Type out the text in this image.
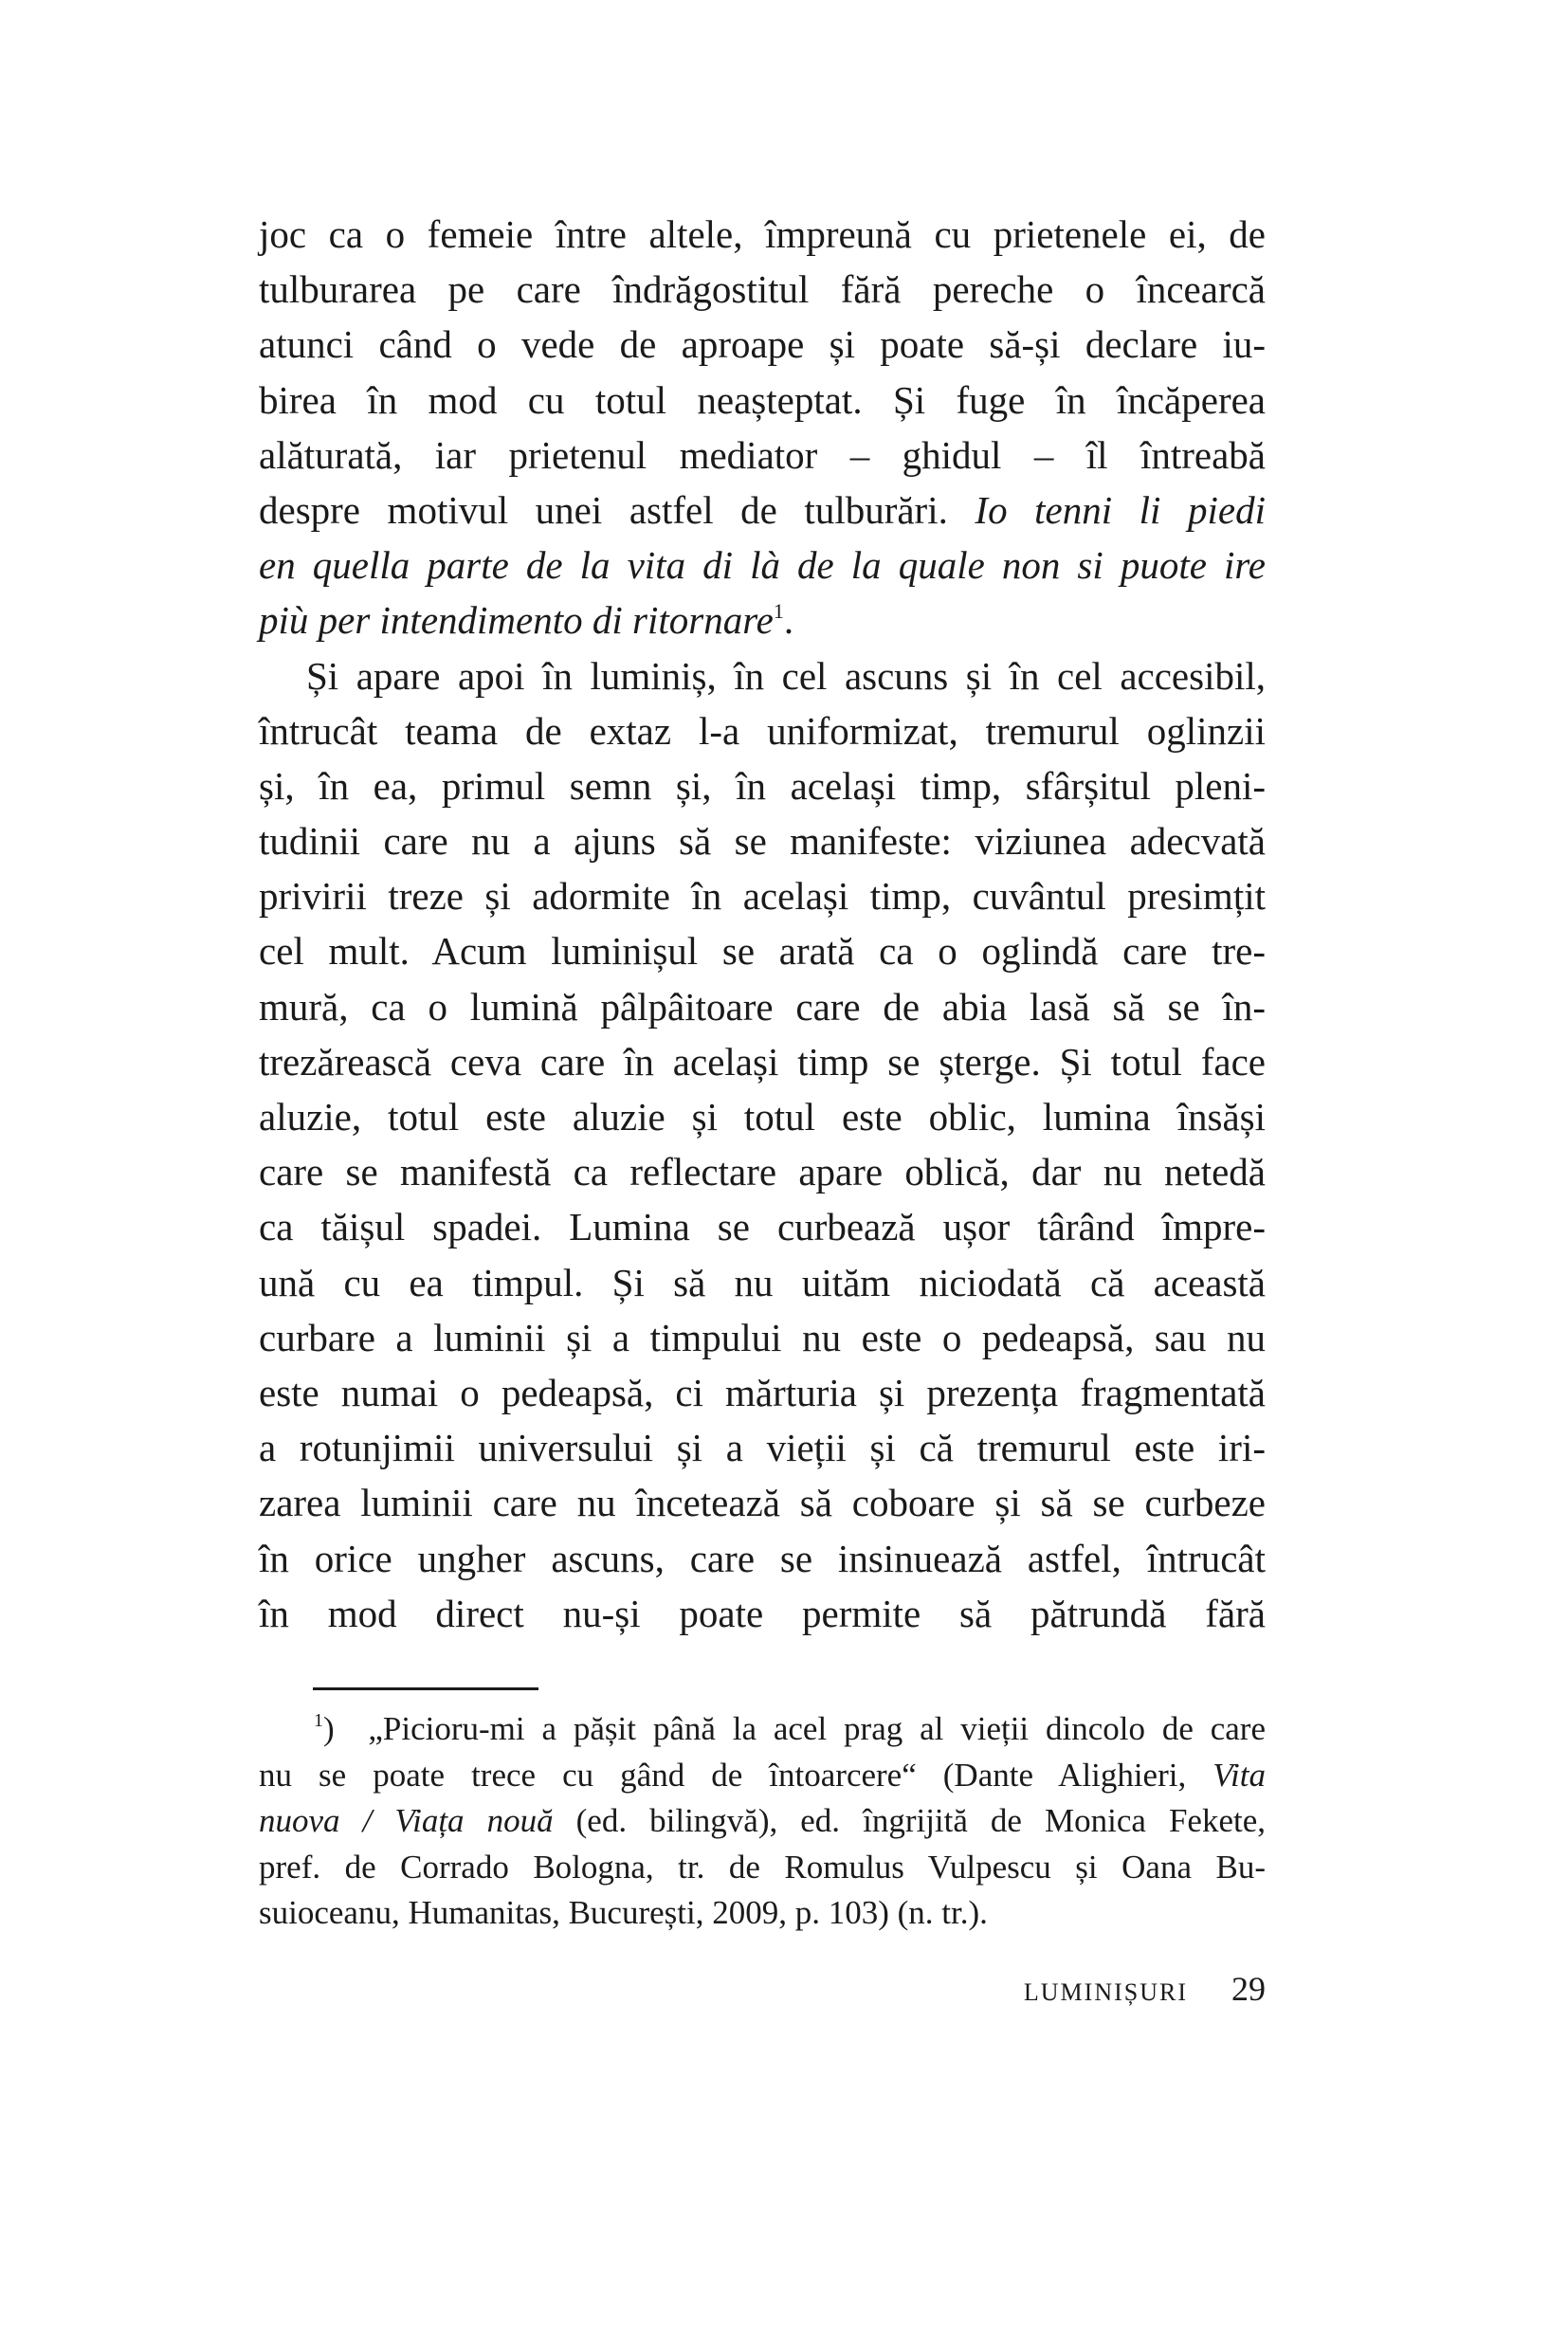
joc ca o femeie între altele, împreună cu prietenele ei, de
tulburarea pe care îndrăgostitul fără pereche o încearcă
atunci când o vede de aproape și poate să-și declare iu-
birea în mod cu totul neașteptat. Și fuge în încăperea
alăturată, iar prietenul mediator – ghidul – îl întreabă
despre motivul unei astfel de tulburări. Io tenni li piedi
en quella parte de la vita di là de la quale non si puote ire
più per intendimento di ritornare$^1$.
Și apare apoi în luminiș, în cel ascuns și în cel accesibil,
întrucât teama de extaz l-a uniformizat, tremurul oglinzii
și, în ea, primul semn și, în același timp, sfârșitul pleni-
tudinii care nu a ajuns să se manifeste: viziunea adecvată
privirii treze și adormite în același timp, cuvântul presimțit
cel mult. Acum luminișul se arată ca o oglindă care tre-
mură, ca o lumină pâlpâitoare care de abia lasă să se în-
trezărească ceva care în același timp se șterge. Și totul face
aluzie, totul este aluzie și totul este oblic, lumina însăși
care se manifestă ca reflectare apare oblică, dar nu netedă
ca tăișul spadei. Lumina se curbează ușor târând împre-
ună cu ea timpul. Și să nu uităm niciodată că această
curbare a luminii și a timpului nu este o pedeapsă, sau nu
este numai o pedeapsă, ci mărturia și prezența fragmentată
a rotunjimii universului și a vieții și că tremurul este iri-
zarea luminii care nu încetează să coboare și să se curbeze
în orice ungher ascuns, care se insinuează astfel, întrucât
în mod direct nu-și poate permite să pătrundă fără
$^1$) „Picioru-mi a pășit până la acel prag al vieții dincolo de care
nu se poate trece cu gând de întoarcere“ (Dante Alighieri, Vita
nuova / Viața nouă (ed. bilingvă), ed. îngrijită de Monica Fekete,
pref. de Corrado Bologna, tr. de Romulus Vulpescu și Oana Bu-
suioceanu, Humanitas, București, 2009, p. 103) (n. tr.).
LUMINIȘURI 29
